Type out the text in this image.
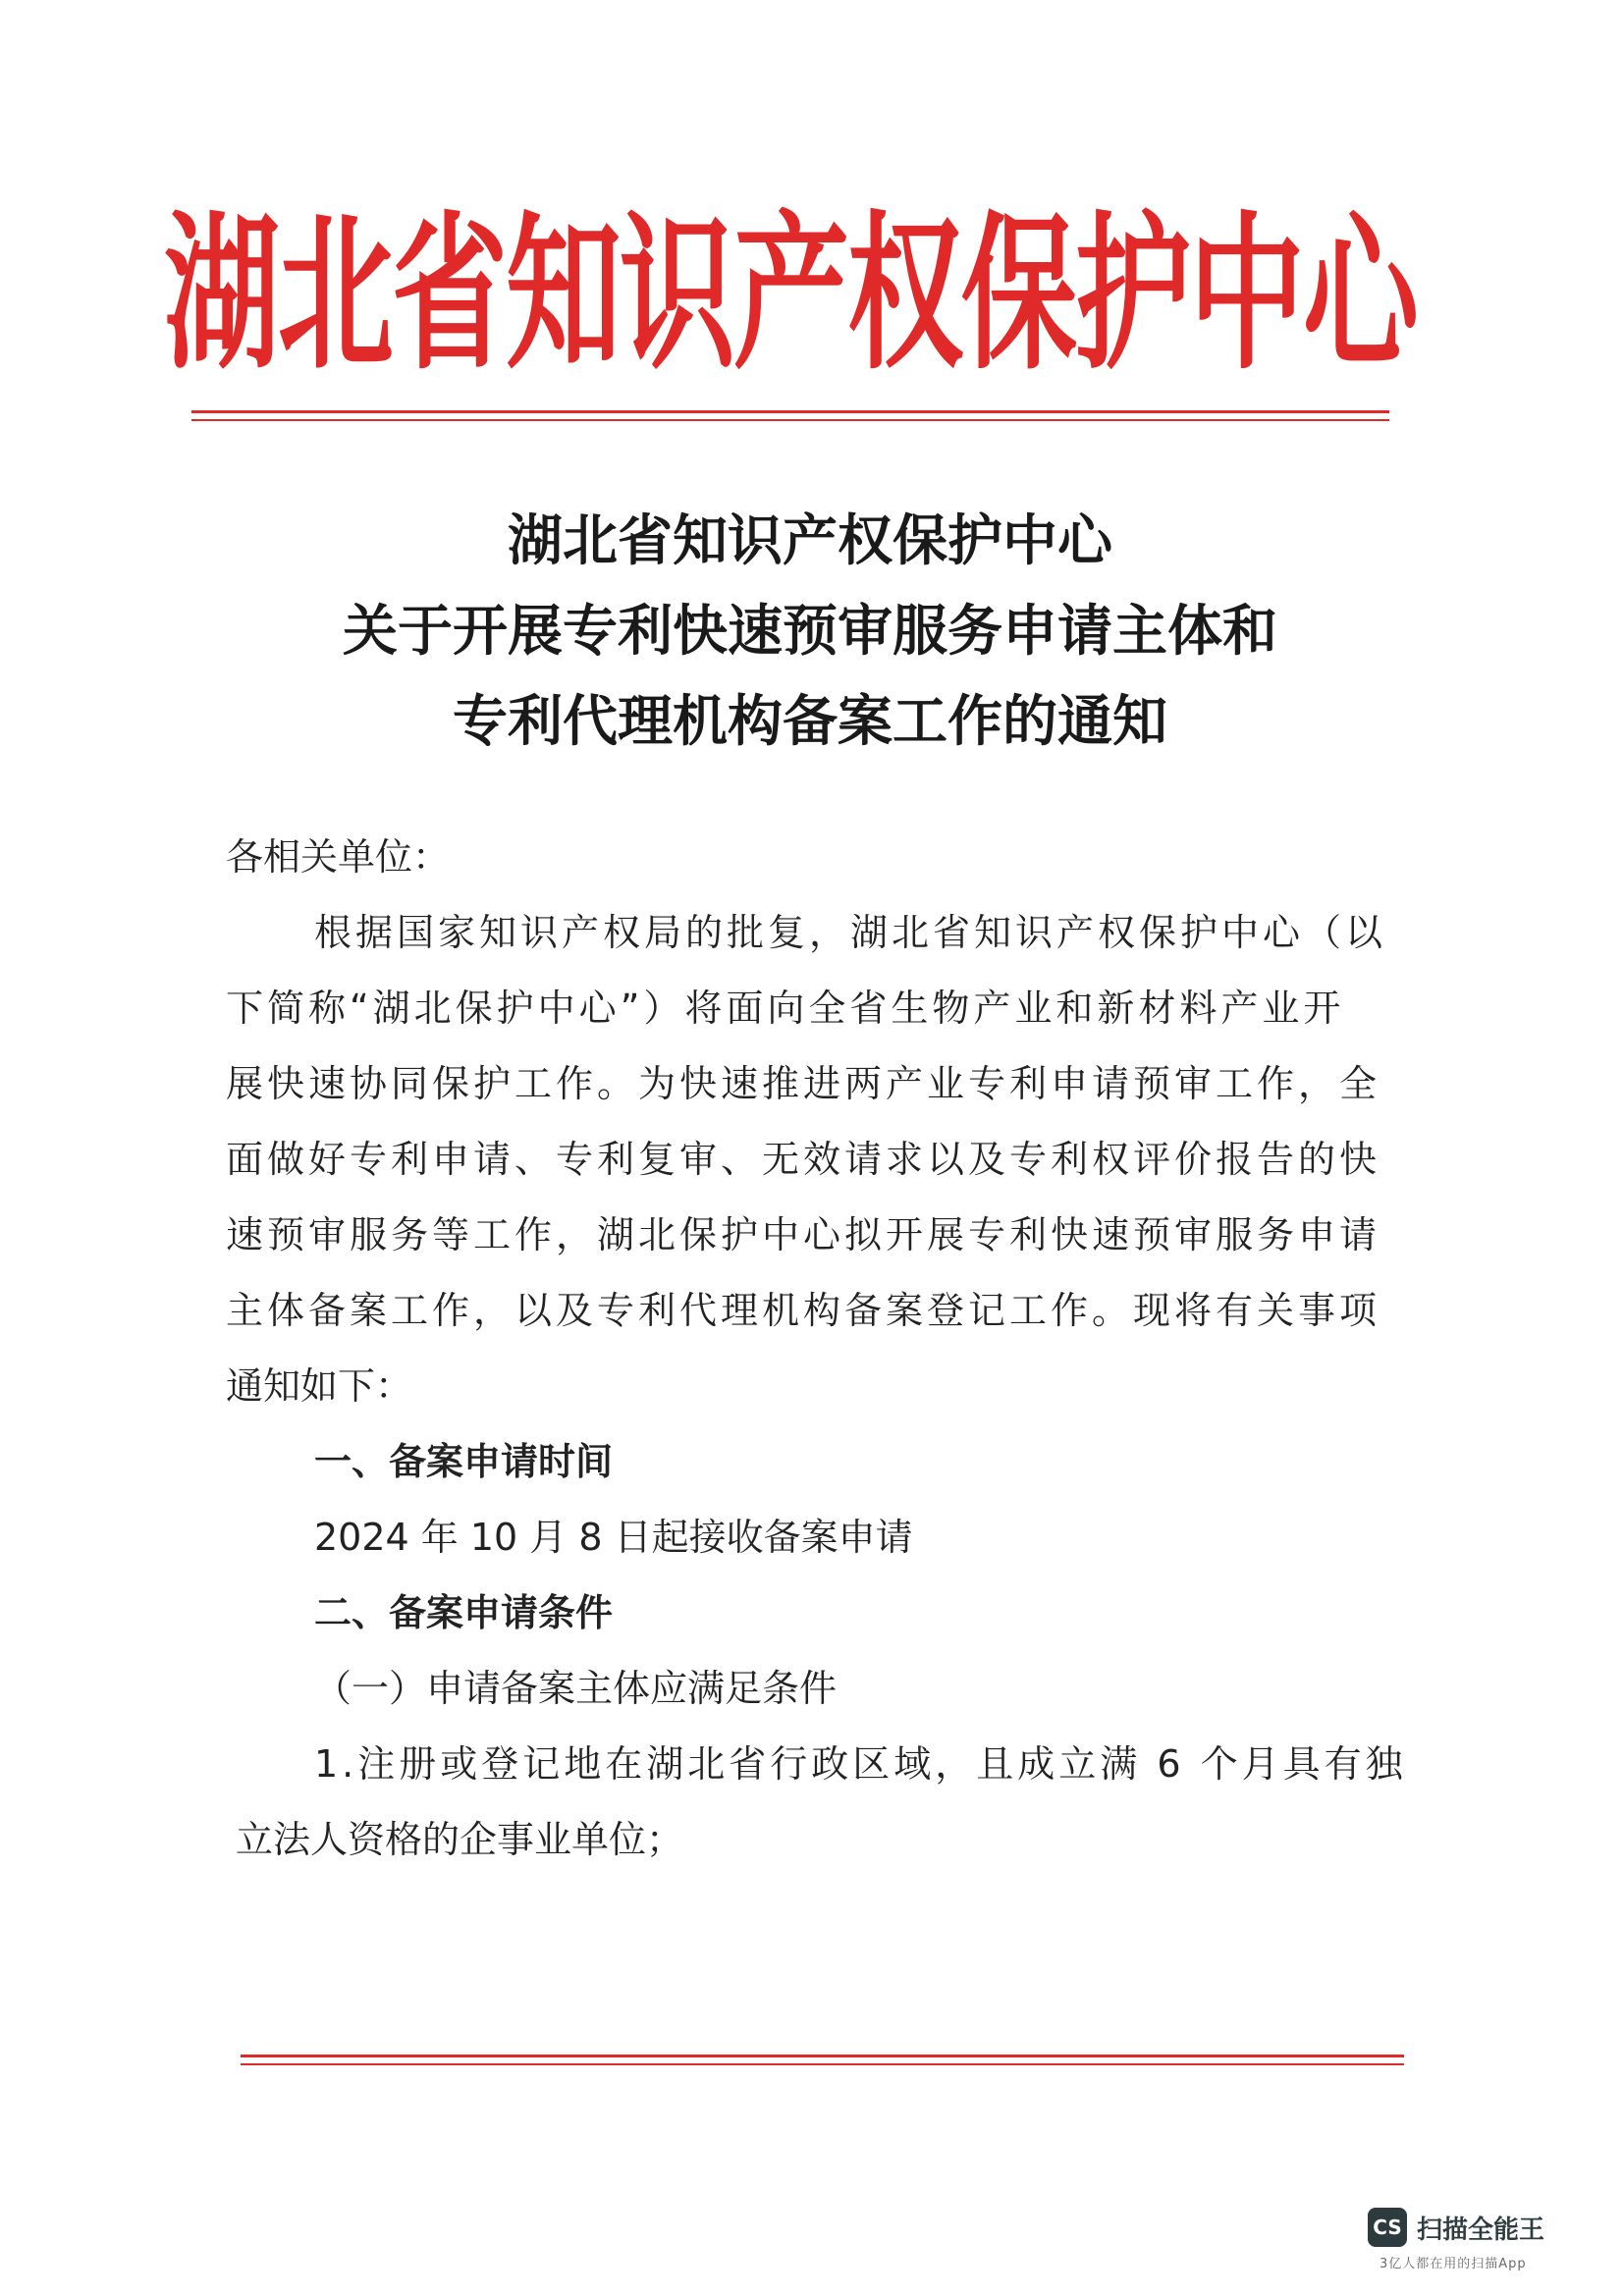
湖北省知识产权保护中心
湖北省知识产权保护中心
关于开展专利快速预审服务申请主体和
专利代理机构备案工作的通知
各相关单位：
根据国家知识产权局的批复，湖北省知识产权保护中心（以
下简称“湖北保护中心”）将面向全省生物产业和新材料产业开
展快速协同保护工作。为快速推进两产业专利申请预审工作，全
面做好专利申请、专利复审、无效请求以及专利权评价报告的快
速预审服务等工作，湖北保护中心拟开展专利快速预审服务申请
主体备案工作，以及专利代理机构备案登记工作。现将有关事项
通知如下：
一、备案申请时间
2024 年 10 月 8 日起接收备案申请
二、备案申请条件
（一）申请备案主体应满足条件
1.注册或登记地在湖北省行政区域，且成立满 6 个月具有独
立法人资格的企事业单位；
CS 扫描全能王
3亿人都在用的扫描App
